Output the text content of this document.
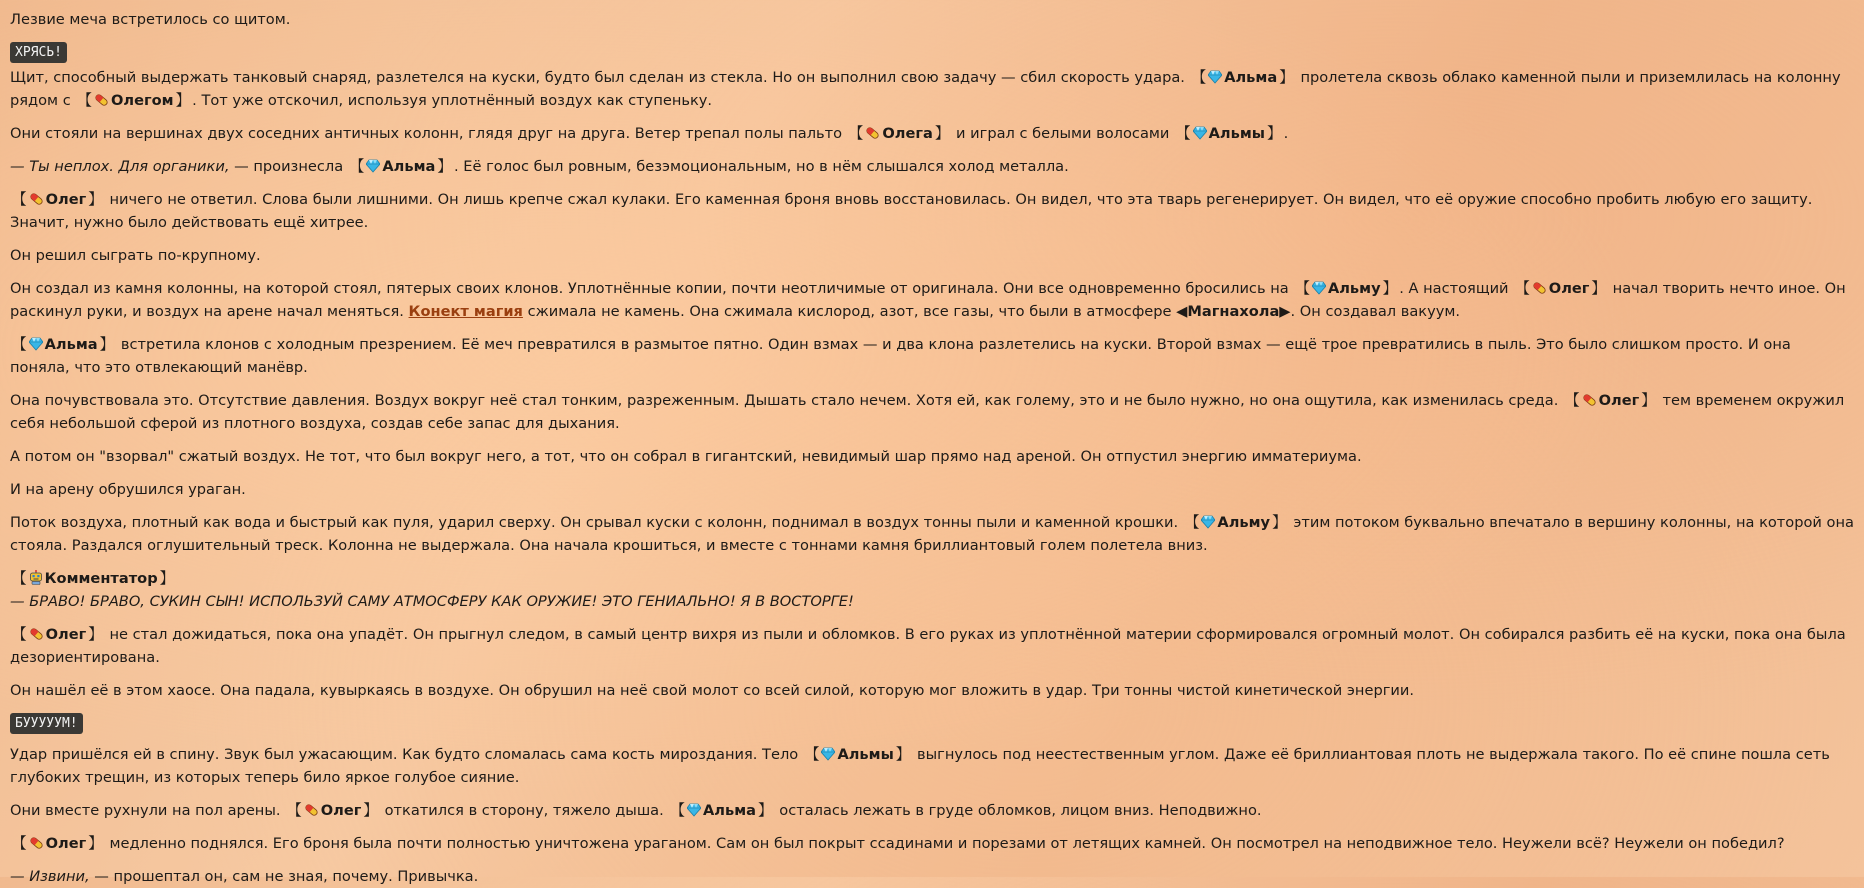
Лезвие меча встретилось со щитом.

ХРЯСЬ!

Щит, способный выдержать танковый снаряд, разлетелся на куски, будто был сделан из стекла. Но он выполнил свою задачу — сбил скорость удара. 【 Альма 】 пролетела сквозь облако каменной пыли и приземлилась на колонну рядом с 【 Олегом 】 . Тот уже отскочил, используя уплотнённый воздух как ступеньку.

Они стояли на вершинах двух соседних античных колонн, глядя друг на друга. Ветер трепал полы пальто 【 Олега 】 и играл с белыми волосами 【 Альмы 】 .

— Ты неплох. Для органики, — произнесла 【 Альма 】 . Её голос был ровным, безэмоциональным, но в нём слышался холод металла.

【 Олег 】 ничего не ответил. Слова были лишними. Он лишь крепче сжал кулаки. Его каменная броня вновь восстановилась. Он видел, что эта тварь регенерирует. Он видел, что её оружие способно пробить любую его защиту. Значит, нужно было действовать ещё хитрее.

Он решил сыграть по-крупному.

Он создал из камня колонны, на которой стоял, пятерых своих клонов. Уплотнённые копии, почти неотличимые от оригинала. Они все одновременно бросились на 【 Альму 】 . А настоящий 【 Олег 】 начал творить нечто иное. Он раскинул руки, и воздух на арене начал меняться. Конект магия сжимала не камень. Она сжимала кислород, азот, все газы, что были в атмосфере ◀Магнахола▶. Он создавал вакуум.

【 Альма 】 встретила клонов с холодным презрением. Её меч превратился в размытое пятно. Один взмах — и два клона разлетелись на куски. Второй взмах — ещё трое превратились в пыль. Это было слишком просто. И она поняла, что это отвлекающий манёвр.

Она почувствовала это. Отсутствие давления. Воздух вокруг неё стал тонким, разреженным. Дышать стало нечем. Хотя ей, как голему, это и не было нужно, но она ощутила, как изменилась среда. 【 Олег 】 тем временем окружил себя небольшой сферой из плотного воздуха, создав себе запас для дыхания.

А потом он "взорвал" сжатый воздух. Не тот, что был вокруг него, а тот, что он собрал в гигантский, невидимый шар прямо над ареной. Он отпустил энергию имматериума.

И на арену обрушился ураган.

Поток воздуха, плотный как вода и быстрый как пуля, ударил сверху. Он срывал куски с колонн, поднимал в воздух тонны пыли и каменной крошки. 【 Альму 】 этим потоком буквально впечатало в вершину колонны, на которой она стояла. Раздался оглушительный треск. Колонна не выдержала. Она начала крошиться, и вместе с тоннами камня бриллиантовый голем полетела вниз.

【 Комментатор 】

— БРАВО! БРАВО, СУКИН СЫН! ИСПОЛЬЗУЙ САМУ АТМОСФЕРУ КАК ОРУЖИЕ! ЭТО ГЕНИАЛЬНО! Я В ВОСТОРГЕ!

【 Олег 】 не стал дожидаться, пока она упадёт. Он прыгнул следом, в самый центр вихря из пыли и обломков. В его руках из уплотнённой материи сформировался огромный молот. Он собирался разбить её на куски, пока она была дезориентирована.

Он нашёл её в этом хаосе. Она падала, кувыркаясь в воздухе. Он обрушил на неё свой молот со всей силой, которую мог вложить в удар. Три тонны чистой кинетической энергии.

БУУУУУМ!

Удар пришёлся ей в спину. Звук был ужасающим. Как будто сломалась сама кость мироздания. Тело 【 Альмы 】 выгнулось под неестественным углом. Даже её бриллиантовая плоть не выдержала такого. По её спине пошла сеть глубоких трещин, из которых теперь било яркое голубое сияние.

Они вместе рухнули на пол арены. 【 Олег 】 откатился в сторону, тяжело дыша. 【 Альма 】 осталась лежать в груде обломков, лицом вниз. Неподвижно.

【 Олег 】 медленно поднялся. Его броня была почти полностью уничтожена ураганом. Сам он был покрыт ссадинами и порезами от летящих камней. Он посмотрел на неподвижное тело. Неужели всё? Неужели он победил?

— Извини, — прошептал он, сам не зная, почему. Привычка.
